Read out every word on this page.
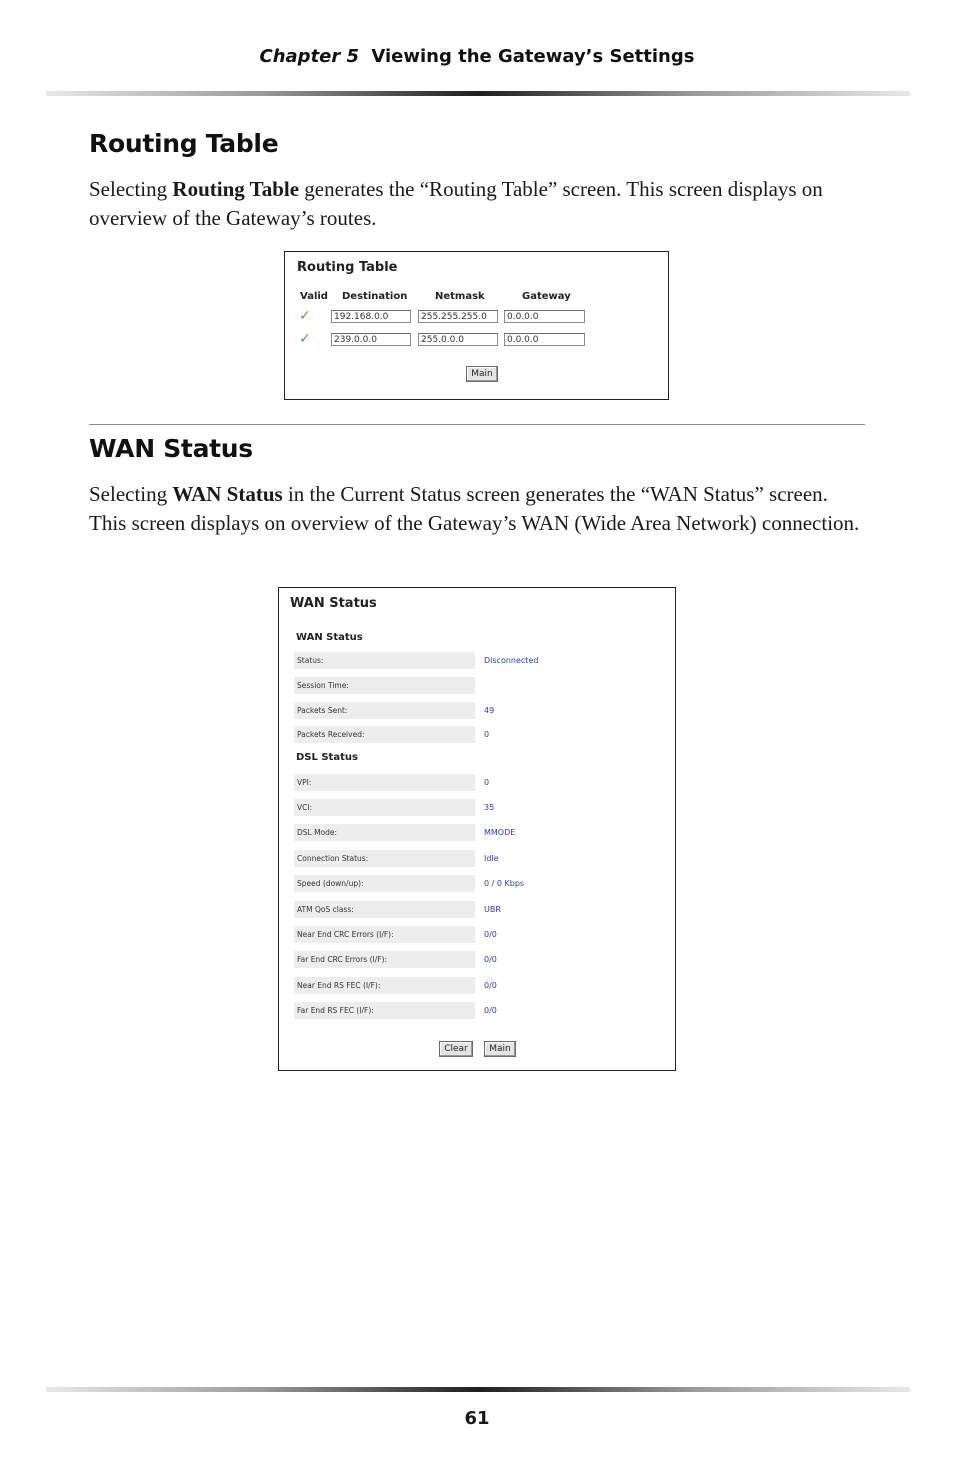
Chapter 5 Viewing the Gateway’s Settings
Routing Table

Selecting Routing Table generates the “Routing Table” screen. This screen displays on overview of the Gateway’s routes.

Routing Table
Valid Destination	Netmask	Gateway
✓	192.168.0.0	255.255.255.0	0.0.0.0
✓	239.0.0.0	255.0.0.0	0.0.0.0
Main
WAN Status

Selecting WAN Status in the Current Status screen generates the “WAN Status” screen. This screen displays on overview of the Gateway’s WAN (Wide Area Network) connection.

WAN Status
WAN Status
Status:	Disconnected
Session Time:
Packets Sent:	49
Packets Received:	0
DSL Status
VPI:	0
VCI:	35
DSL Mode:	MMODE
Connection Status:	Idle
Speed (down/up):	0 / 0 Kbps
ATM QoS class:	UBR
Near End CRC Errors (I/F):	0/0
Far End CRC Errors (I/F):	0/0
Near End RS FEC (I/F):	0/0
Far End RS FEC (I/F):	0/0
Clear	Main
61
